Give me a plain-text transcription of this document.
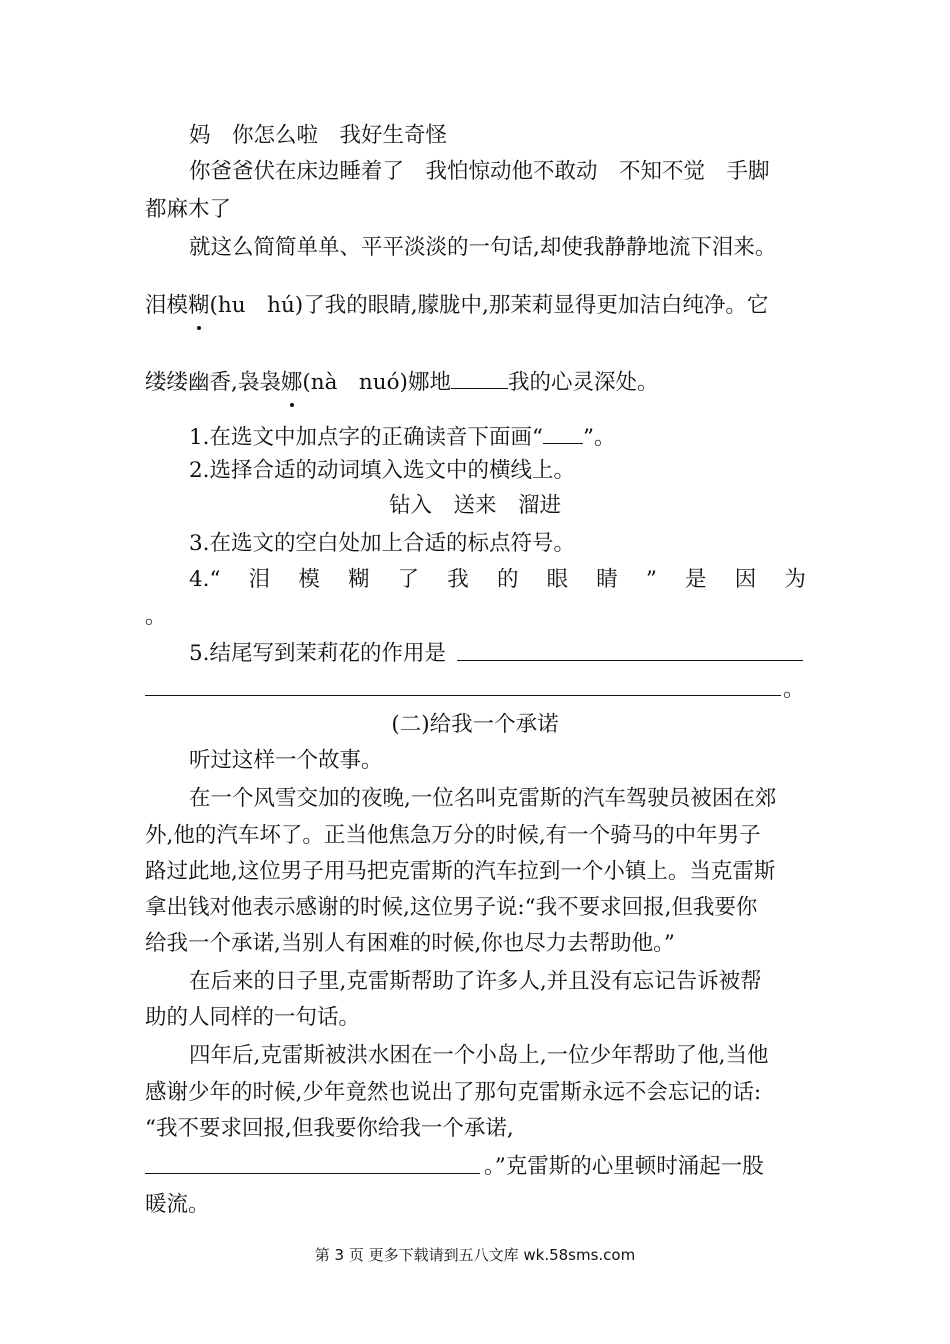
妈　你怎么啦　我好生奇怪

你爸爸伏在床边睡着了　我怕惊动他不敢动　不知不觉　手脚

都麻木了

就这么简简单单、平平淡淡的一句话,却使我静静地流下泪来。

泪模糊(hu　hú)了我的眼睛,朦胧中,那茉莉显得更加洁白纯净。它

缕缕幽香,袅袅娜(nà　nuó)娜地	我的心灵深处。

1.在选文中加点字的正确读音下面画“ ”。

2.选择合适的动词填入选文中的横线上。

钻入　送来　溜进

3.在选文的空白处加上合适的标点符号。

4.“ 泪 模 糊 了 我 的 眼 睛 ” 是 因 为

。

5.结尾写到茉莉花的作用是

。

(二)给我一个承诺

听过这样一个故事。

在一个风雪交加的夜晚,一位名叫克雷斯的汽车驾驶员被困在郊

外,他的汽车坏了。正当他焦急万分的时候,有一个骑马的中年男子

路过此地,这位男子用马把克雷斯的汽车拉到一个小镇上。当克雷斯

拿出钱对他表示感谢的时候,这位男子说:“我不要求回报,但我要你

给我一个承诺,当别人有困难的时候,你也尽力去帮助他。”

在后来的日子里,克雷斯帮助了许多人,并且没有忘记告诉被帮

助的人同样的一句话。

四年后,克雷斯被洪水困在一个小岛上,一位少年帮助了他,当他

感谢少年的时候,少年竟然也说出了那句克雷斯永远不会忘记的话:

“我不要求回报,但我要你给我一个承诺,

。”克雷斯的心里顿时涌起一股

暖流。

第 3 页 更多下载请到五八文库 wk.58sms.com
